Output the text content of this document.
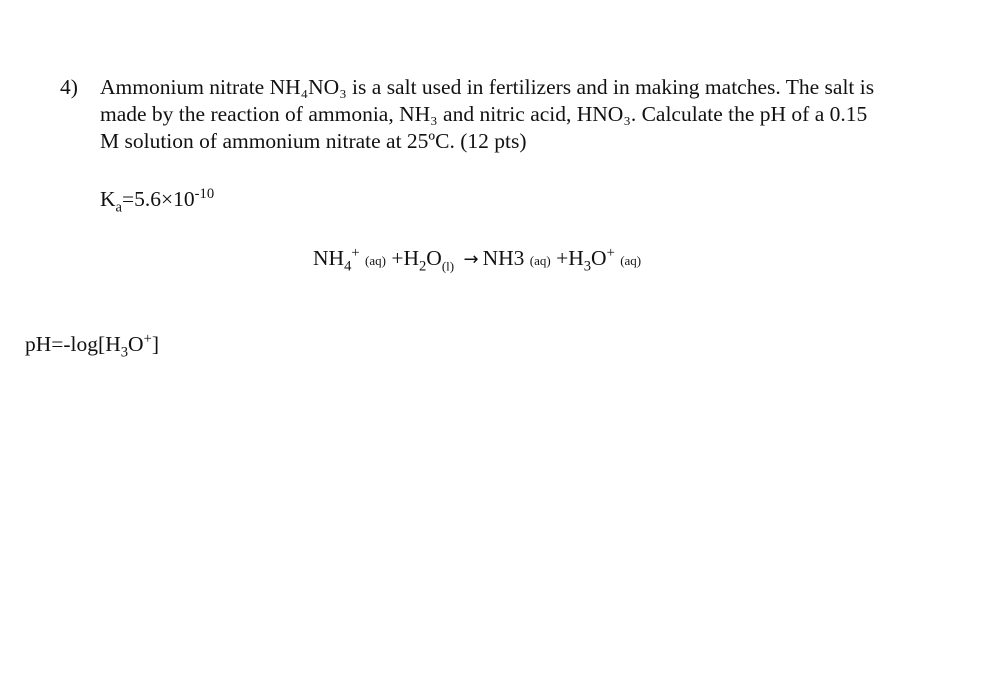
4) Ammonium nitrate NH₄NO₃ is a salt used in fertilizers and in making matches. The salt is
made by the reaction of ammonia, NH₃ and nitric acid, HNO₃. Calculate the pH of a 0.15
M solution of ammonium nitrate at 25ºC. (12 pts)
$K_a=5.6\times 10^{-10}$
$NH_4^+$ $(aq) +H_2O_{(l)} \to NH3$ $(aq) +H_3O^+$ (aq)
$pH=-\log[H_3O^+]$
